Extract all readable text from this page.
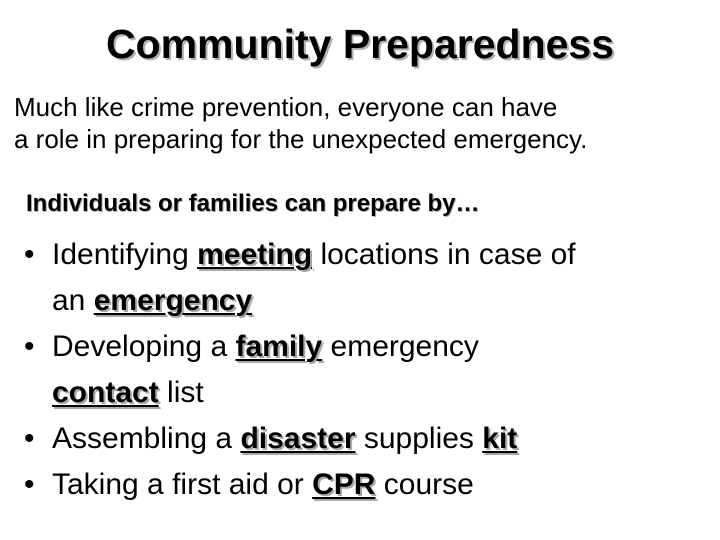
Community Preparedness
Much like crime prevention, everyone can have
a role in preparing for the unexpected emergency.
Individuals or families can prepare by…
• Identifying meeting locations in case of
an emergency
• Developing a family emergency
contact list
• Assembling a disaster supplies kit
• Taking a first aid or CPR course
